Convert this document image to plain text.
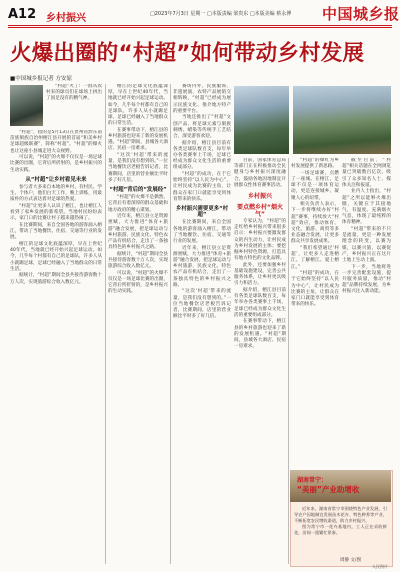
A12 乡村振兴	□2023年7月3日 星期一 □本版责编 梁贵东 □本版美编 蔡永博 中国城乡报
火爆出圈的“村超”如何带动乡村发展
■中国城乡报记者 方安原

“村超”火了！一群从农村来的球员们在球场上拼出了国足没有的精气神。

“村超”，指的是5月13日在贵州省黔东南苗族侗族自治州榕江县开展的首届“和美乡村足球超级联赛”，简称“村超”。“村超”的爆火也让这座小县城走进大众视野。

可以说，“村超”的火爆不仅仅是一场足球比赛的出圈，它背后所折射的，是乡村振兴的生动实践。

从“村超”让乡村看见未来

参与者大多来自本地的乡村，有村民、学生、个体户，他们白天工作，晚上训练，用最质朴的方式表达着对足球的热爱。

“村超”让更多人认识了榕江，也让榕江人看到了家乡发展的新希望。当地村民纷纷表示，家门口的比赛让村子越来越热闹了。

在比赛期间，来自全国各地的游客涌入榕江，带动了当地餐饮、住宿、交通等行业的发展。

榕江的足球文化底蕴深厚，早在上世纪40年代，当地就已经开始兴起足球运动。如今，几乎每个村都有自己的足球队，许多人从小就踢足球，足球已经融入了当地群众的日常生活。

据统计，“村超”期间全县共接待游客数十万人次，实现旅游综合收入数亿元。

榕江的足球文化底蕴深厚，早在上世纪40年代，当地就已经开始兴起足球运动。如今，几乎每个村都有自己的足球队，许多人从小就踢足球，足球已经融入了当地群众的日常生活。

在赛事带动下，榕江县的乡村旅游也迎来了新的发展机遇。“村超”期间，县城各大酒店、民宿一房难求。

“这次‘村超’带来的流量，是我们没有想到的。”一位当地餐饮店老板告诉记者，比赛期间，店里的营业额比平时多了好几倍。

“村超”背后的“发展经”

“村超”的火爆不是偶然，它背后有着深厚的群众基础和地方政府的精心谋划。

近年来，榕江县立足资源禀赋，大力推进“体育+旅游”融合发展，把足球运动与乡村旅游、民族文化、特色农产品有机结合，走出了一条独具特色的乡村振兴之路。

据统计，“村超”期间全县共接待游客数十万人次，实现旅游综合收入数亿元。

可以说，“村超”的火爆不仅仅是一场足球比赛的出圈，它背后所折射的，是乡村振兴的生动实践。

赛场内外，民族服饰、非遗展演、农特产品展销交相辉映，“村超”已经成为展示民族文化、推介地方特产的重要平台。

当地还推出了“村超”文创产品，将足球元素与侗族刺绣、蜡染等传统手工艺结合，深受游客欢迎。

据介绍，榕江县目前有各类足球队数百支，每年举办各类赛事上千场，足球已经成为群众文化生活的重要组成部分。

“村超”的成功，在于它始终坚持“以人民为中心”，让村民成为比赛的主角，让群众在家门口就能享受到体育带来的快乐。

乡村振兴需要更多“村超”

在比赛期间，来自全国各地的游客涌入榕江，带动了当地餐饮、住宿、交通等行业的发展。

近年来，榕江县立足资源禀赋，大力推进“体育+旅游”融合发展，把足球运动与乡村旅游、民族文化、特色农产品有机结合，走出了一条独具特色的乡村振兴之路。

“这次‘村超’带来的流量，是我们没有想到的。”一位当地餐饮店老板告诉记者，比赛期间，店里的营业额比平时多了好几倍。

目前，国家体育总局等部门正在积极推动全民健身与乡村振兴深度融合，鼓励各地因地制宜开展群众性体育赛事活动。

乡村振兴

要点燃乡村“烟火气”

专家认为，“村超”的走红给乡村振兴带来很多启示：乡村振兴要激发群众的内生动力，让村民成为乡村发展的主体；要挖掘乡村特色资源，打造具有地方特色的文化品牌。

此外，还要加强乡村基础设施建设，完善公共服务体系，让乡村更具吸引力和活力。

据介绍，榕江县目前有各类足球队数百支，每年举办各类赛事上千场，足球已经成为群众文化生活的重要组成部分。

在赛事带动下，榕江县的乡村旅游也迎来了新的发展机遇。“村超”期间，县城各大酒店、民宿一房难求。

“村超”的爆红为乡村发展提供了新思路。

一场足球赛，点燃了一座城。在榕江，足球不仅是一项体育运动，更是连接城乡、凝聚人心的纽带。

相关负责人表示，下一步将继续办好“村超”赛事，持续放大“村超”效应，推动体育、文化、旅游、商贸等多业态融合发展，让更多群众共享发展成果。

“我们希望通过‘村超’，让更多人走进榕江、了解榕江、爱上榕江。”

“村超”的成功，在于它始终坚持“以人民为中心”，让村民成为比赛的主角，让群众在家门口就能享受到体育带来的快乐。

截至目前，“村超”相关话题在全网浏览量已突破数百亿次，吸引了众多知名人士、媒体关注和报道。

业内人士指出，“村超”之所以能够火爆出圈，关键在于其接地气、有温度、充满烟火气息，体现了最纯粹的体育精神。

“村超”带来的不只是流量，更是一种发展理念的转变。以赛为媒，以赛兴旅，以赛促产，乡村振兴正在这片土地上生动上演。

下一步，当地将进一步完善配套设施，提升服务质量，推动“村超”品牌持续发展，为乡村振兴注入新动能。

湖南常宁：
“美丽”产业助增收

近年来，湖南省常宁市围绕特色产业发展，引导农户因地制宜发展苗木花卉、特色种养等产业，不断拓宽农民增收渠道，助力乡村振兴。

图为常宁市一花卉基地内，工人正在采收鲜花，田间一派繁忙景象。

周静 文/图
人民图片
